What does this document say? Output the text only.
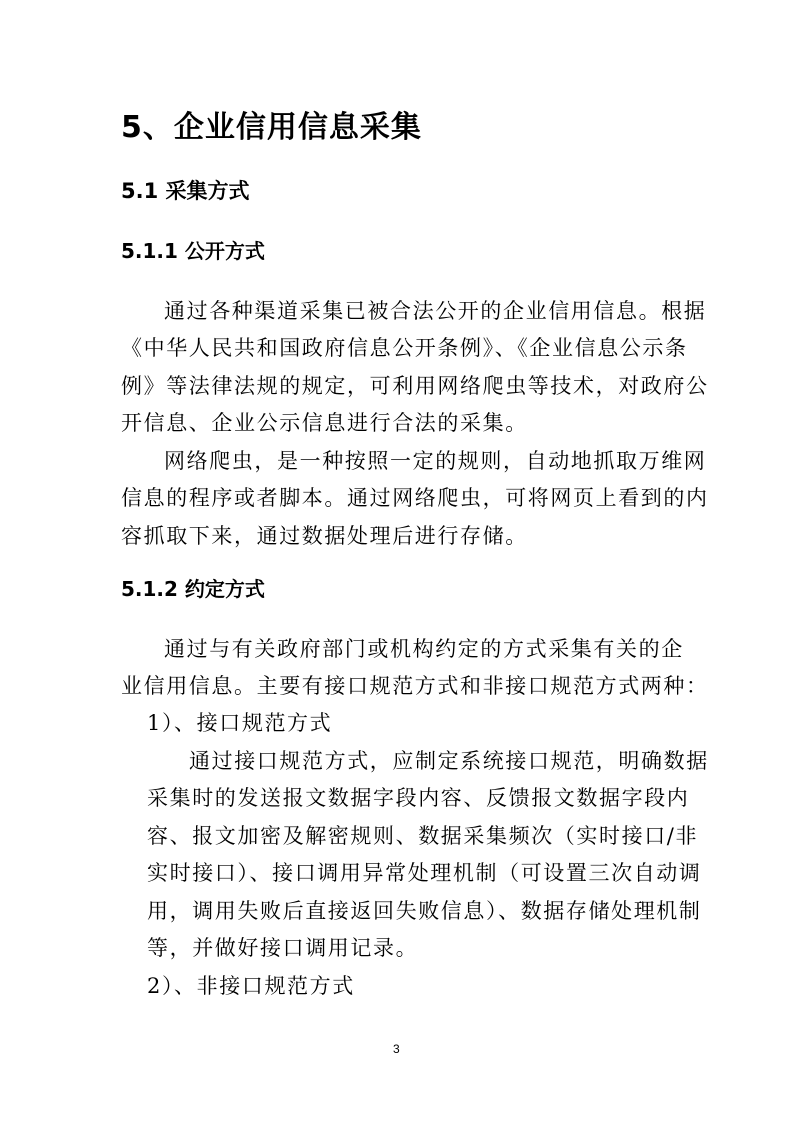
5、企业信用信息采集
5.1 采集方式
5.1.1 公开方式
通过各种渠道采集已被合法公开的企业信用信息。根据
《中华人民共和国政府信息公开条例》、《企业信息公示条
例》等法律法规的规定，可利用网络爬虫等技术，对政府公
开信息、企业公示信息进行合法的采集。
网络爬虫，是一种按照一定的规则，自动地抓取万维网
信息的程序或者脚本。通过网络爬虫，可将网页上看到的内
容抓取下来，通过数据处理后进行存储。
5.1.2 约定方式
通过与有关政府部门或机构约定的方式采集有关的企
业信用信息。主要有接口规范方式和非接口规范方式两种：
1）、接口规范方式
通过接口规范方式，应制定系统接口规范，明确数据
采集时的发送报文数据字段内容、反馈报文数据字段内
容、报文加密及解密规则、数据采集频次（实时接口/非
实时接口）、接口调用异常处理机制（可设置三次自动调
用，调用失败后直接返回失败信息）、数据存储处理机制
等，并做好接口调用记录。
2）、非接口规范方式
3
